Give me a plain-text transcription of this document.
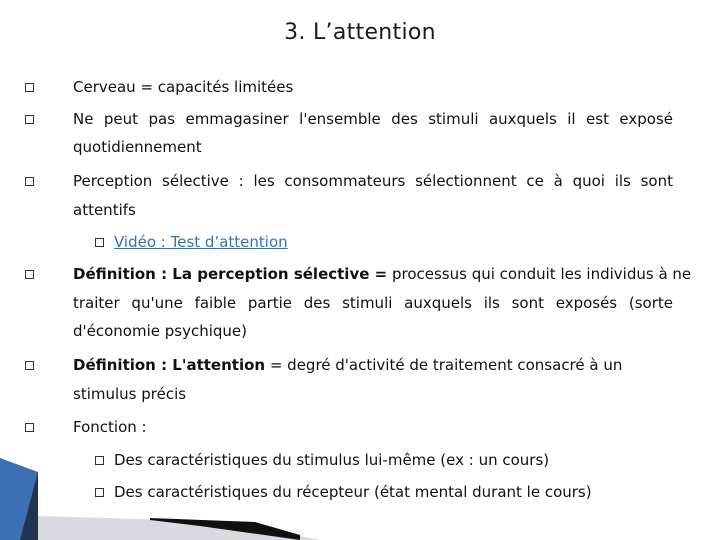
3. L’attention
Cerveau = capacités limitées
Ne peut pas emmagasiner l'ensemble des stimuli auxquels il est exposé
quotidiennement
Perception sélective : les consommateurs sélectionnent ce à quoi ils sont
attentifs
Vidéo : Test d’attention
Définition : La perception sélective = processus qui conduit les individus à ne
traiter qu'une faible partie des stimuli auxquels ils sont exposés (sorte
d'économie psychique)
Définition : L'attention = degré d'activité de traitement consacré à un
stimulus précis
Fonction :
Des caractéristiques du stimulus lui-même (ex : un cours)
Des caractéristiques du récepteur (état mental durant le cours)
